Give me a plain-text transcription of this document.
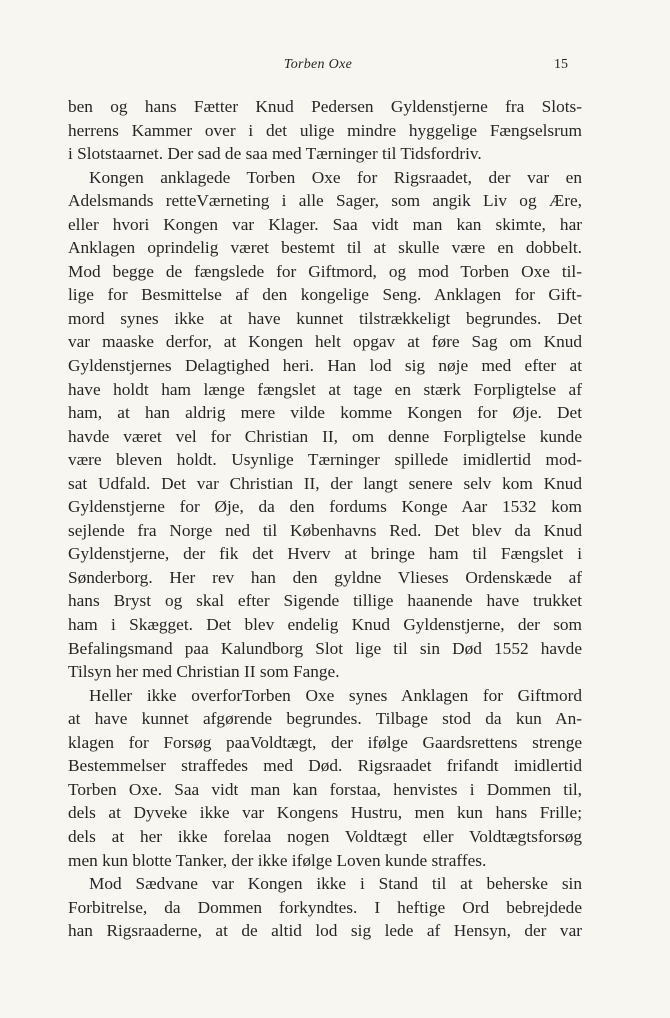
Torben Oxe	15
ben og hans Fætter Knud Pedersen Gyldenstjerne fra Slots-
herrens Kammer over i det ulige mindre hyggelige Fængselsrum
i Slotstaarnet. Der sad de saa med Tærninger til Tidsfordriv.
Kongen anklagede Torben Oxe for Rigsraadet, der var en
Adelsmands retteVærneting i alle Sager, som angik Liv og Ære,
eller hvori Kongen var Klager. Saa vidt man kan skimte, har
Anklagen oprindelig været bestemt til at skulle være en dobbelt.
Mod begge de fængslede for Giftmord, og mod Torben Oxe til-
lige for Besmittelse af den kongelige Seng. Anklagen for Gift-
mord synes ikke at have kunnet tilstrækkeligt begrundes. Det
var maaske derfor, at Kongen helt opgav at føre Sag om Knud
Gyldenstjernes Delagtighed heri. Han lod sig nøje med efter at
have holdt ham længe fængslet at tage en stærk Forpligtelse af
ham, at han aldrig mere vilde komme Kongen for Øje. Det
havde været vel for Christian II, om denne Forpligtelse kunde
være bleven holdt. Usynlige Tærninger spillede imidlertid mod-
sat Udfald. Det var Christian II, der langt senere selv kom Knud
Gyldenstjerne for Øje, da den fordums Konge Aar 1532 kom
sejlende fra Norge ned til Københavns Red. Det blev da Knud
Gyldenstjerne, der fik det Hverv at bringe ham til Fængslet i
Sønderborg. Her rev han den gyldne Vlieses Ordenskæde af
hans Bryst og skal efter Sigende tillige haanende have trukket
ham i Skægget. Det blev endelig Knud Gyldenstjerne, der som
Befalingsmand paa Kalundborg Slot lige til sin Død 1552 havde
Tilsyn her med Christian II som Fange.
Heller ikke overforTorben Oxe synes Anklagen for Giftmord
at have kunnet afgørende begrundes. Tilbage stod da kun An-
klagen for Forsøg paaVoldtægt, der ifølge Gaardsrettens strenge
Bestemmelser straffedes med Død. Rigsraadet frifandt imidlertid
Torben Oxe. Saa vidt man kan forstaa, henvistes i Dommen til,
dels at Dyveke ikke var Kongens Hustru, men kun hans Frille;
dels at her ikke forelaa nogen Voldtægt eller Voldtægtsforsøg
men kun blotte Tanker, der ikke ifølge Loven kunde straffes.
Mod Sædvane var Kongen ikke i Stand til at beherske sin
Forbitrelse, da Dommen forkyndtes. I heftige Ord bebrejdede
han Rigsraaderne, at de altid lod sig lede af Hensyn, der var
